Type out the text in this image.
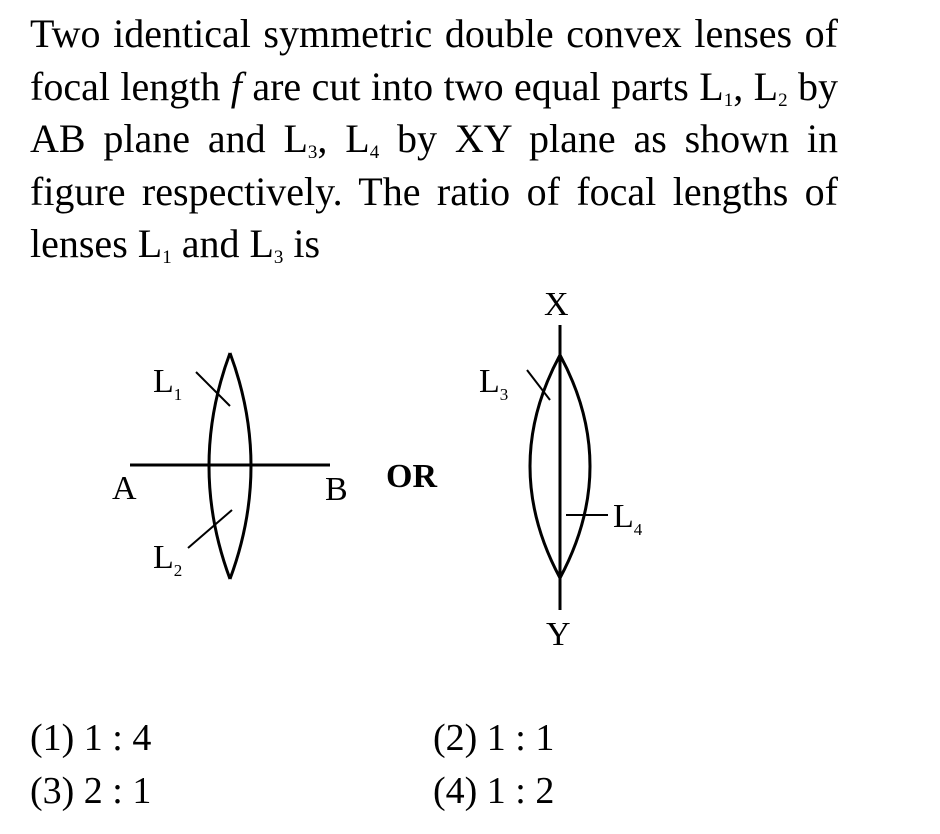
Two identical symmetric double convex lenses of focal length f are cut into two equal parts $L_1$, $L_2$ by AB plane and $L_3$, $L_4$ by XY plane as shown in figure respectively. The ratio of focal lengths of lenses $L_1$ and $L_3$ is
A	B
$L_1$
$L_2$
OR
X
Y
$L_3$
$L_4$
(1) 1 : 4	(2) 1 : 1
(3) 2 : 1	(4) 1 : 2
